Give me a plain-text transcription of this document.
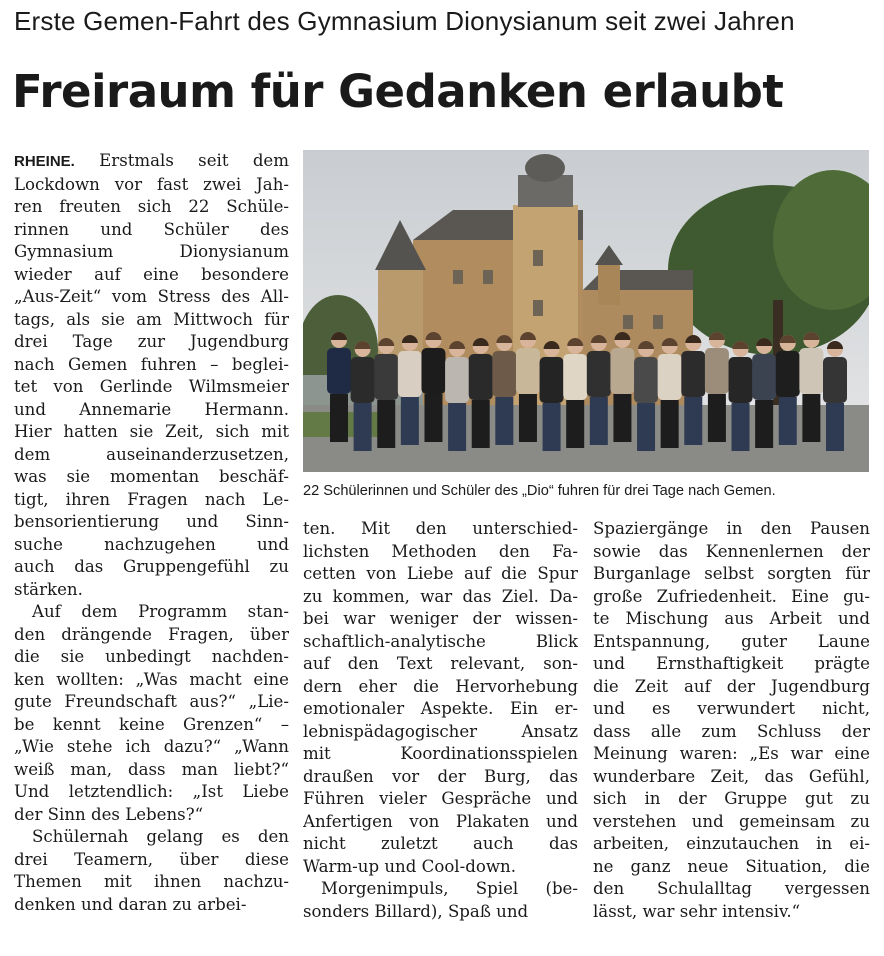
Erste Gemen-Fahrt des Gymnasium Dionysianum seit zwei Jahren
Freiraum für Gedanken erlaubt
RHEINE. Erstmals seit dem
Lockdown vor fast zwei Jah-
ren freuten sich 22 Schüle-
rinnen und Schüler des
Gymnasium Dionysianum
wieder auf eine besondere
„Aus-Zeit“ vom Stress des All-
tags, als sie am Mittwoch für
drei Tage zur Jugendburg
nach Gemen fuhren – beglei-
tet von Gerlinde Wilmsmeier
und Annemarie Hermann.
Hier hatten sie Zeit, sich mit
dem auseinanderzusetzen,
was sie momentan beschäf-
tigt, ihren Fragen nach Le-
bensorientierung und Sinn-
suche nachzugehen und
auch das Gruppengefühl zu
stärken.
Auf dem Programm stan-
den drängende Fragen, über
die sie unbedingt nachden-
ken wollten: „Was macht eine
gute Freundschaft aus?“ „Lie-
be kennt keine Grenzen“ –
„Wie stehe ich dazu?“ „Wann
weiß man, dass man liebt?“
Und letztendlich: „Ist Liebe
der Sinn des Lebens?“
Schülernah gelang es den
drei Teamern, über diese
Themen mit ihnen nachzu-
denken und daran zu arbei-
22 Schülerinnen und Schüler des „Dio“ fuhren für drei Tage nach Gemen.
ten. Mit den unterschied-
lichsten Methoden den Fa-
cetten von Liebe auf die Spur
zu kommen, war das Ziel. Da-
bei war weniger der wissen-
schaftlich-analytische Blick
auf den Text relevant, son-
dern eher die Hervorhebung
emotionaler Aspekte. Ein er-
lebnispädagogischer Ansatz
mit Koordinationsspielen
draußen vor der Burg, das
Führen vieler Gespräche und
Anfertigen von Plakaten und
nicht zuletzt auch das
Warm-up und Cool-down.
Morgenimpuls, Spiel (be-
sonders Billard), Spaß und
Spaziergänge in den Pausen
sowie das Kennenlernen der
Burganlage selbst sorgten für
große Zufriedenheit. Eine gu-
te Mischung aus Arbeit und
Entspannung, guter Laune
und Ernsthaftigkeit prägte
die Zeit auf der Jugendburg
und es verwundert nicht,
dass alle zum Schluss der
Meinung waren: „Es war eine
wunderbare Zeit, das Gefühl,
sich in der Gruppe gut zu
verstehen und gemeinsam zu
arbeiten, einzutauchen in ei-
ne ganz neue Situation, die
den Schulalltag vergessen
lässt, war sehr intensiv.“
